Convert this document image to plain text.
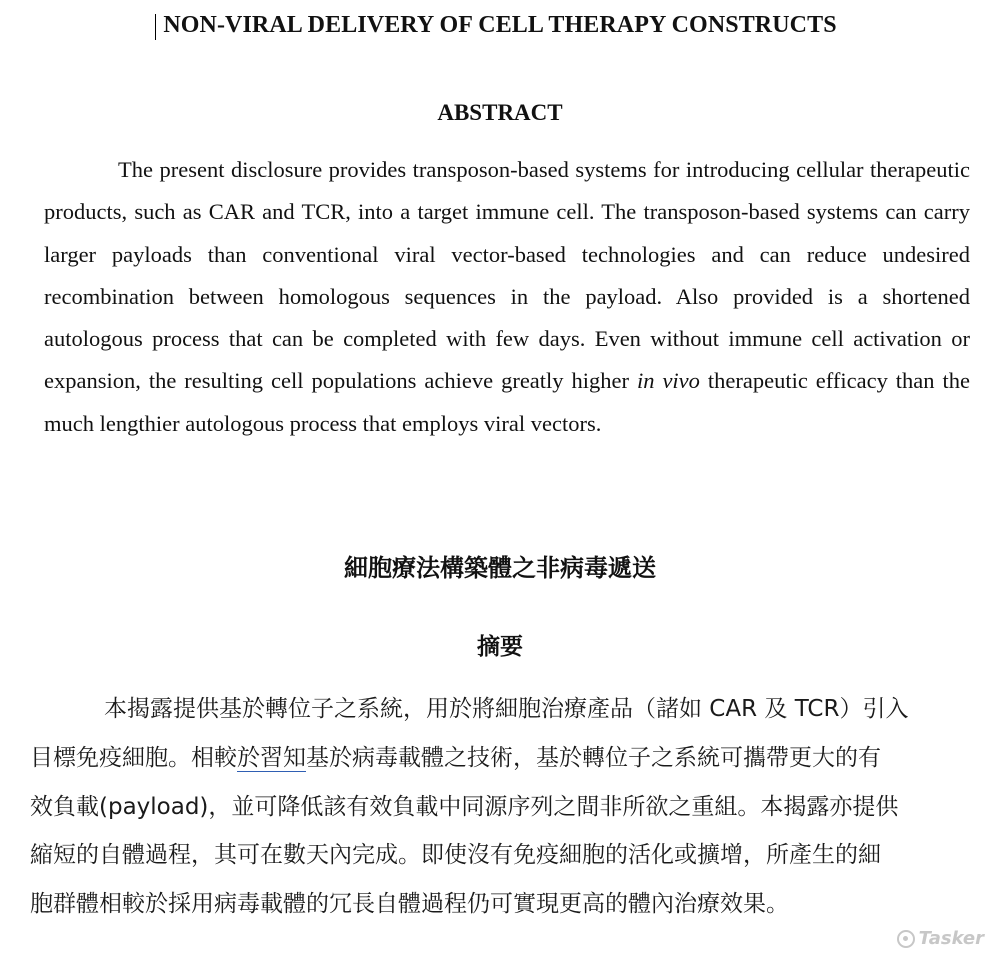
NON-VIRAL DELIVERY OF CELL THERAPY CONSTRUCTS
ABSTRACT

The present disclosure provides transposon-based systems for introducing cellular therapeutic products, such as CAR and TCR, into a target immune cell. The transposon-based systems can carry larger payloads than conventional viral vector-based technologies and can reduce undesired recombination between homologous sequences in the payload. Also provided is a shortened autologous process that can be completed with few days. Even without immune cell activation or expansion, the resulting cell populations achieve greatly higher in vivo therapeutic efficacy than the much lengthier autologous process that employs viral vectors.

細胞療法構築體之非病毒遞送
摘要
本揭露提供基於轉位子之系統，用於將細胞治療產品（諸如 CAR 及 TCR）引入
目標免疫細胞。相較於習知基於病毒載體之技術，基於轉位子之系統可攜帶更大的有
效負載(payload)，並可降低該有效負載中同源序列之間非所欲之重組。本揭露亦提供
縮短的自體過程，其可在數天內完成。即使沒有免疫細胞的活化或擴增，所產生的細
胞群體相較於採用病毒載體的冗長自體過程仍可實現更高的體內治療效果。
Tasker
